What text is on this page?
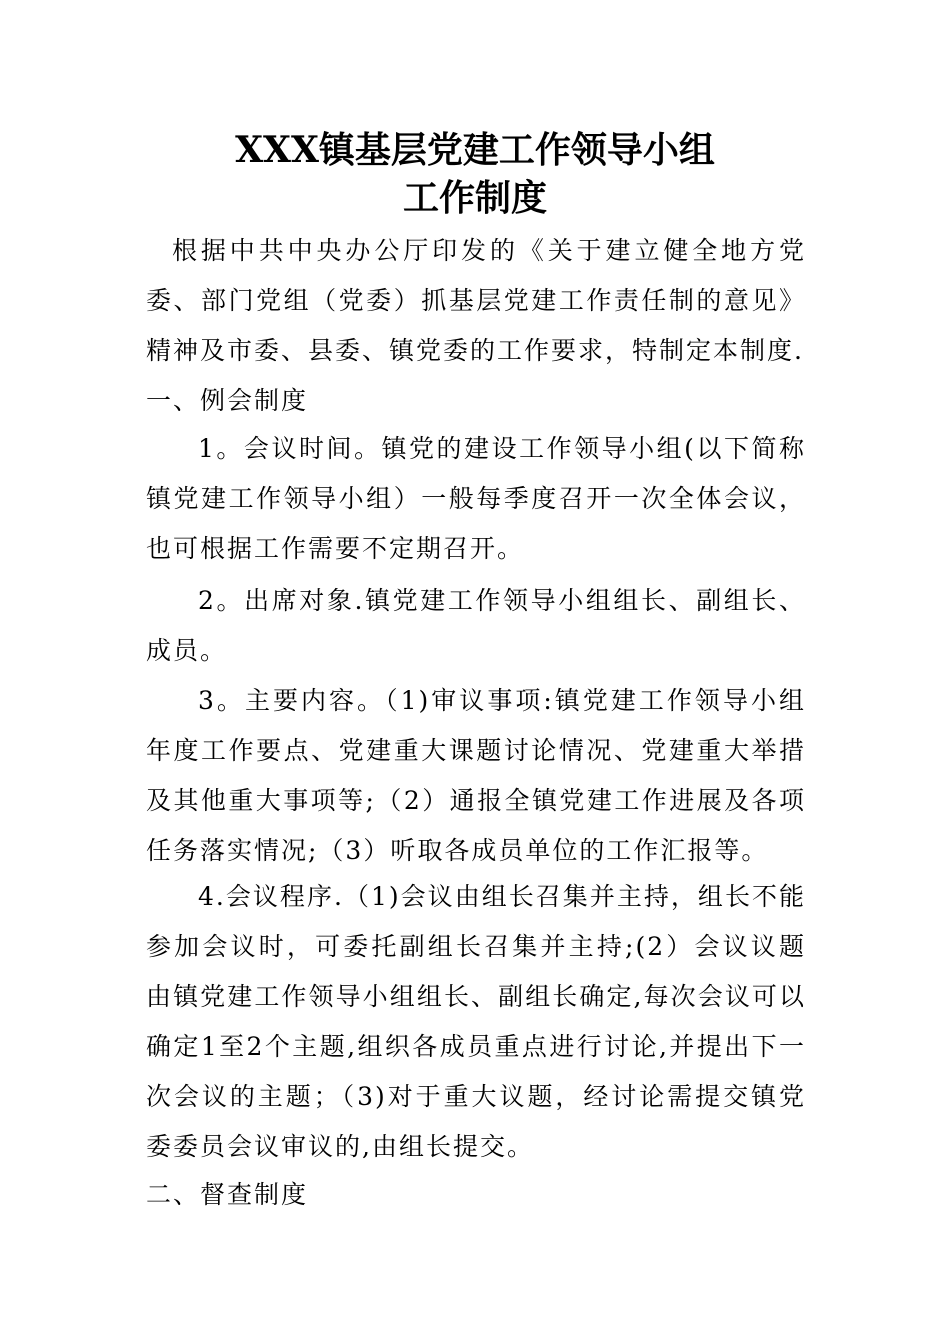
XXX镇基层党建工作领导小组
工作制度

根据中共中央办公厅印发的《关于建立健全地方党委、部门党组（党委）抓基层党建工作责任制的意见》精神及市委、县委、镇党委的工作要求，特制定本制度.

一、例会制度

1。会议时间。镇党的建设工作领导小组(以下简称镇党建工作领导小组）一般每季度召开一次全体会议，也可根据工作需要不定期召开。

2。出席对象.镇党建工作领导小组组长、副组长、成员。

3。主要内容。（1)审议事项:镇党建工作领导小组年度工作要点、党建重大课题讨论情况、党建重大举措及其他重大事项等;（2）通报全镇党建工作进展及各项任务落实情况;（3）听取各成员单位的工作汇报等。

4.会议程序.（1)会议由组长召集并主持，组长不能参加会议时，可委托副组长召集并主持;(2）会议议题由镇党建工作领导小组组长、副组长确定,每次会议可以确定1至2个主题,组织各成员重点进行讨论,并提出下一次会议的主题；（3)对于重大议题，经讨论需提交镇党委委员会议审议的,由组长提交。

二、督查制度
